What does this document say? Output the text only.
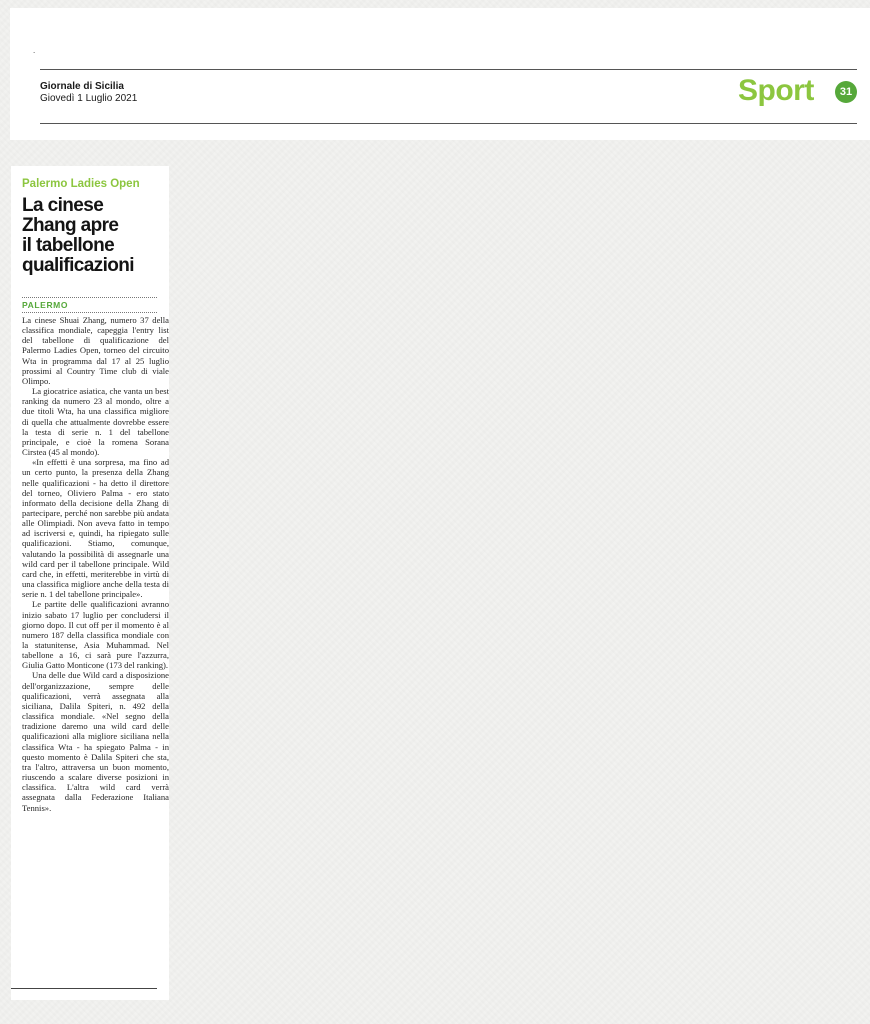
.
Giornale di Sicilia
Giovedì 1 Luglio 2021	Sport	31
Palermo Ladies Open
La cinese
Zhang apre
il tabellone
qualificazioni
PALERMO

La cinese Shuai Zhang, numero 37 della classifica mondiale, capeggia l'entry list del tabellone di qualificazione del Palermo Ladies Open, torneo del circuito Wta in programma dal 17 al 25 luglio prossimi al Country Time club di viale Olimpo.

La giocatrice asiatica, che vanta un best ranking da numero 23 al mondo, oltre a due titoli Wta, ha una classifica migliore di quella che attualmente dovrebbe essere la testa di serie n. 1 del tabellone principale, e cioè la romena Sorana Cirstea (45 al mondo).

«In effetti è una sorpresa, ma fino ad un certo punto, la presenza della Zhang nelle qualificazioni - ha detto il direttore del torneo, Oliviero Palma - ero stato informato della decisione della Zhang di partecipare, perché non sarebbe più andata alle Olimpiadi. Non aveva fatto in tempo ad iscriversi e, quindi, ha ripiegato sulle qualificazioni. Stiamo, comunque, valutando la possibilità di assegnarle una wild card per il tabellone principale. Wild card che, in effetti, meriterebbe in virtù di una classifica migliore anche della testa di serie n. 1 del tabellone principale».

Le partite delle qualificazioni avranno inizio sabato 17 luglio per concludersi il giorno dopo. Il cut off per il momento è al numero 187 della classifica mondiale con la statunitense, Asia Muhammad. Nel tabellone a 16, ci sarà pure l'azzurra, Giulia Gatto Monticone (173 del ranking).

Una delle due Wild card a disposizione dell'organizzazione, sempre delle qualificazioni, verrà assegnata alla siciliana, Dalila Spiteri, n. 492 della classifica mondiale. «Nel segno della tradizione daremo una wild card delle qualificazioni alla migliore siciliana nella classifica Wta - ha spiegato Palma - in questo momento è Dalila Spiteri che sta, tra l'altro, attraversa un buon momento, riuscendo a scalare diverse posizioni in classifica. L'altra wild card verrà assegnata dalla Federazione Italiana Tennis».
